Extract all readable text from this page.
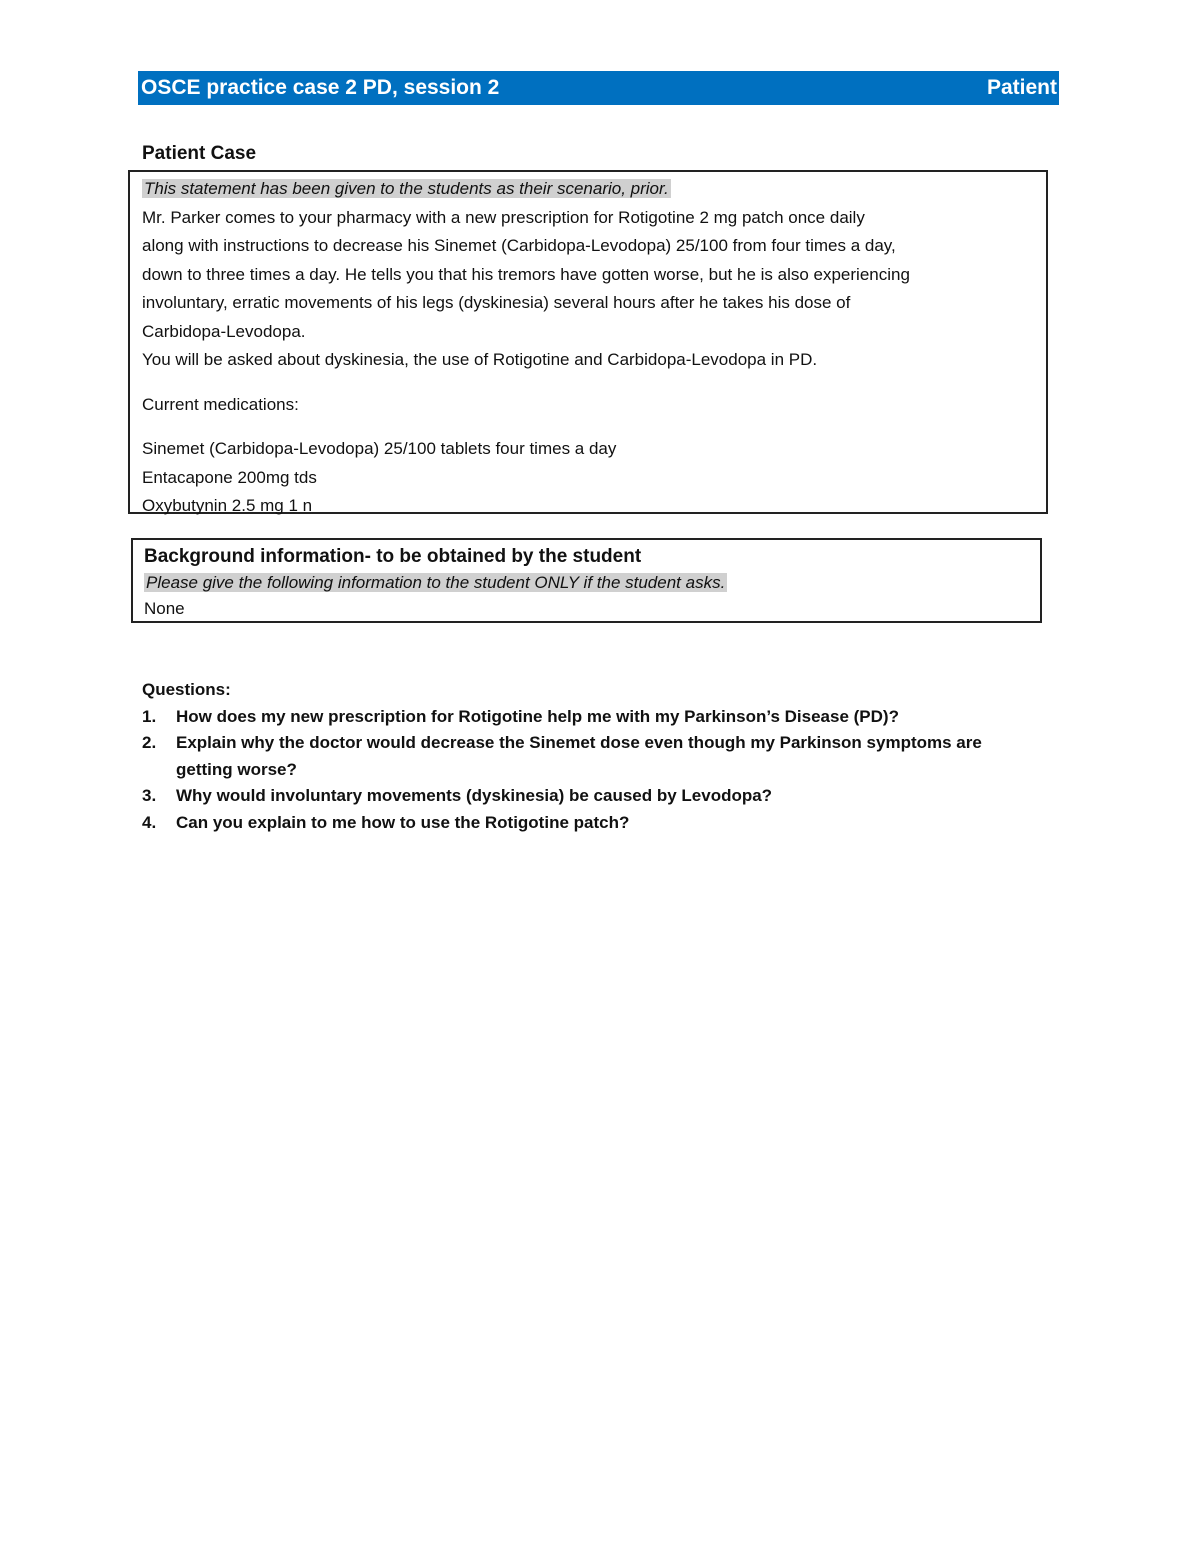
OSCE practice case 2 PD, session 2	Patient
Patient Case

This statement has been given to the students as their scenario, prior.

Mr. Parker comes to your pharmacy with a new prescription for Rotigotine 2 mg patch once daily

along with instructions to decrease his Sinemet (Carbidopa-Levodopa) 25/100 from four times a day,

down to three times a day. He tells you that his tremors have gotten worse, but he is also experiencing

involuntary, erratic movements of his legs (dyskinesia) several hours after he takes his dose of

Carbidopa-Levodopa.

You will be asked about dyskinesia, the use of Rotigotine and Carbidopa-Levodopa in PD.

Current medications:

Sinemet (Carbidopa-Levodopa) 25/100 tablets four times a day

Entacapone 200mg tds

Oxybutynin 2.5 mg 1 n

Background information- to be obtained by the student
Please give the following information to the student ONLY if the student asks.
None
Questions:
1.	How does my new prescription for Rotigotine help me with my Parkinson’s Disease (PD)?
2.	Explain why the doctor would decrease the Sinemet dose even though my Parkinson symptoms are getting worse?
3.	Why would involuntary movements (dyskinesia) be caused by Levodopa?
4.	Can you explain to me how to use the Rotigotine patch?
